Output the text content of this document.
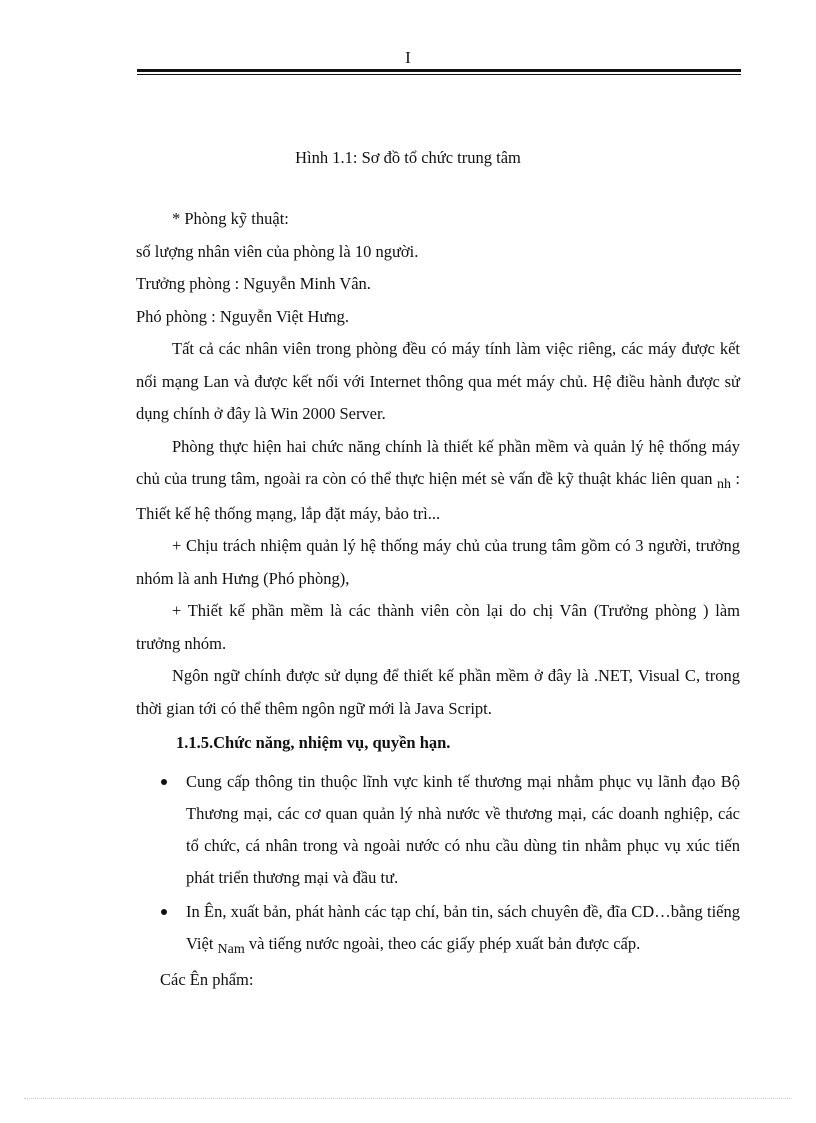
I
Hình 1.1: Sơ đồ tổ chức trung tâm

* Phòng kỹ thuật:

số lượng nhân viên của phòng là 10 người.

Trưởng phòng : Nguyễn Minh Vân.

Phó phòng : Nguyễn Việt Hưng.

Tất cả các nhân viên trong phòng đều có máy tính làm việc riêng, các máy được kết nối mạng Lan và được kết nối với Internet thông qua mét máy chủ. Hệ điều hành được sử dụng chính ở đây là Win 2000 Server.

Phòng thực hiện hai chức năng chính là thiết kế phần mềm và quản lý hệ thống máy chủ của trung tâm, ngoài ra còn có thể thực hiện mét sè vấn đề kỹ thuật khác liên quan $_{nh}$ : Thiết kế hệ thống mạng, lắp đặt máy, bảo trì...

+ Chịu trách nhiệm quản lý hệ thống máy chủ của trung tâm gồm có 3 người, trưởng nhóm là anh Hưng (Phó phòng),

+ Thiết kế phần mềm là các thành viên còn lại do chị Vân (Trưởng phòng ) làm trưởng nhóm.

Ngôn ngữ chính được sử dụng để thiết kế phần mềm ở đây là .NET, Visual C, trong thời gian tới có thể thêm ngôn ngữ mới là Java Script.

1.1.5.Chức năng, nhiệm vụ, quyền hạn.
Cung cấp thông tin thuộc lĩnh vực kinh tế thương mại nhằm phục vụ lãnh đạo Bộ Thương mại, các cơ quan quản lý nhà nước về thương mại, các doanh nghiệp, các tổ chức, cá nhân trong và ngoài nước có nhu cầu dùng tin nhằm phục vụ xúc tiến phát triển thương mại và đầu tư.
In Ên, xuất bản, phát hành các tạp chí, bản tin, sách chuyên đề, đĩa CD…bằng tiếng Việt $_{Nam}$ và tiếng nước ngoài, theo các giấy phép xuất bản được cấp.

Các Ên phẩm:
